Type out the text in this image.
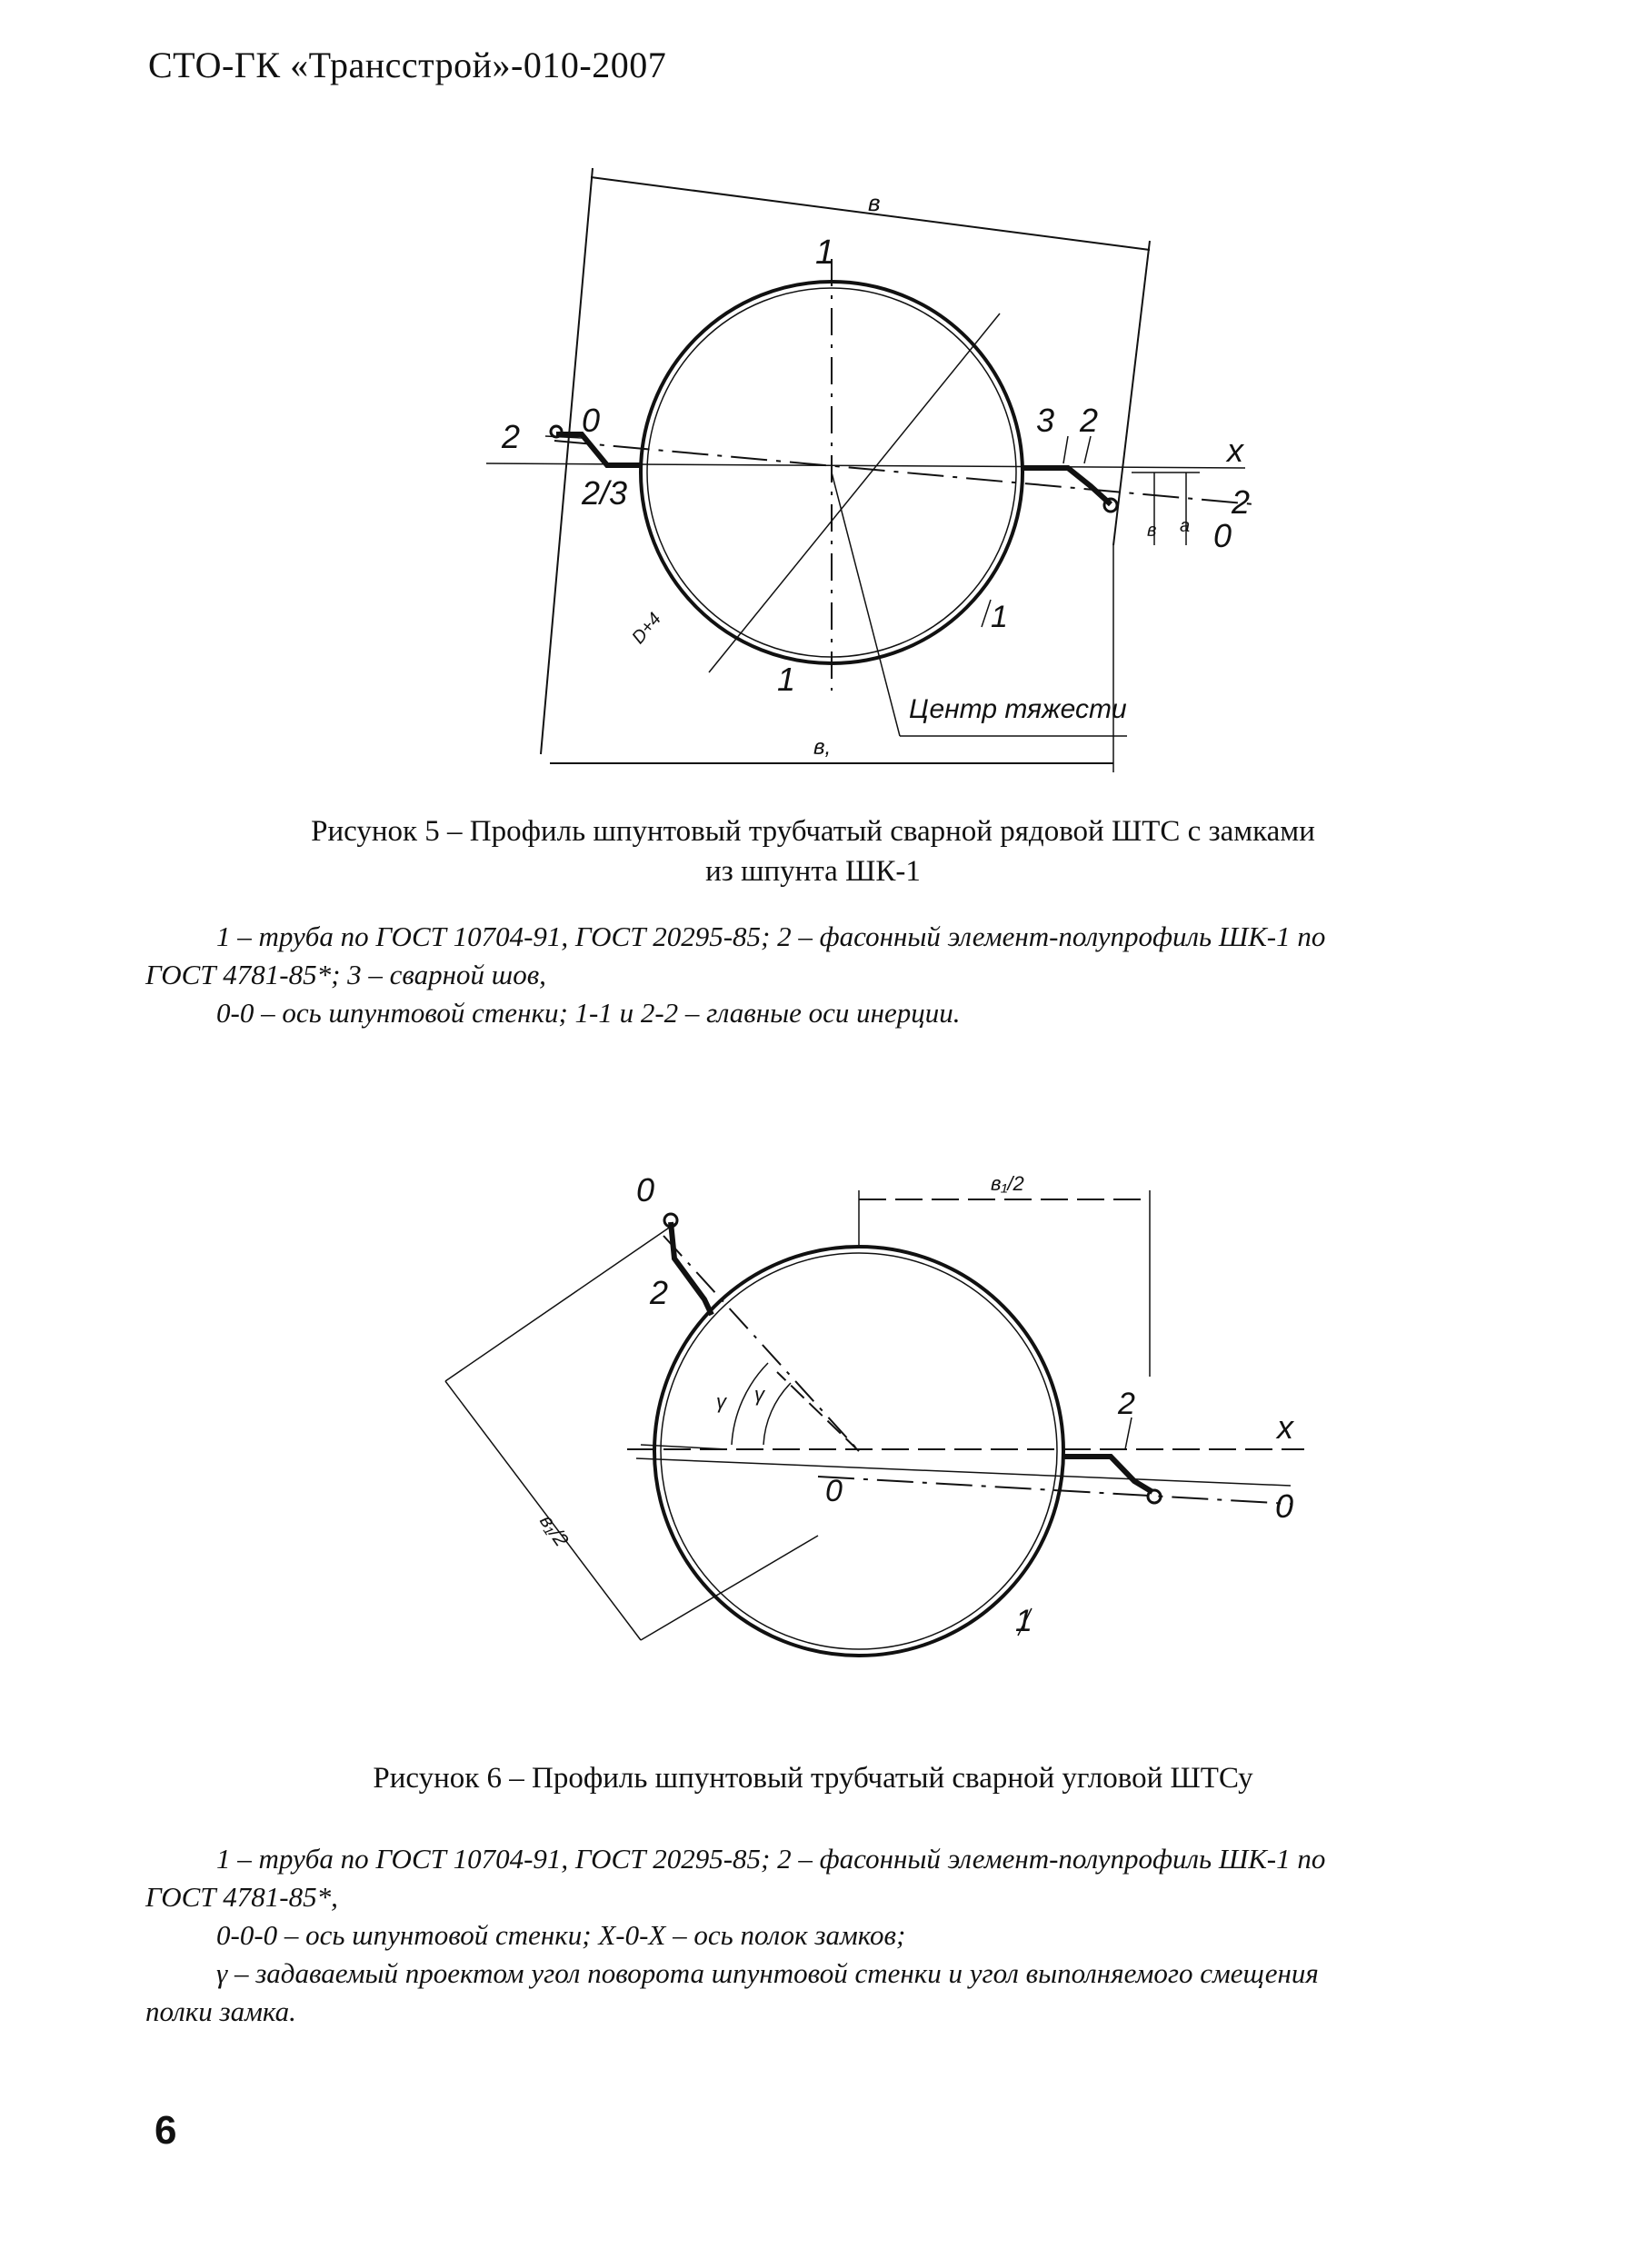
СТО-ГК «Трансстрой»-010-2007
в
1
1
2 0
2/3
3 2
x
2
0
в а
D+4	1
Центр тяжести
в,
Рисунок 5 – Профиль шпунтовый трубчатый сварной рядовой ШТС с замками
из шпунта ШК-1

1 – труба по ГОСТ 10704-91, ГОСТ 20295-85; 2 – фасонный элемент-полупрофиль ШК-1 по

ГОСТ 4781-85*; 3 – сварной шов,

0-0 – ось шпунтовой стенки; 1-1 и 2-2 – главные оси инерции.

0
2
в₁/2
в₁/2
γ γ
0
2
x
0
1
Рисунок 6 – Профиль шпунтовый трубчатый сварной угловой ШТСу

1 – труба по ГОСТ 10704-91, ГОСТ 20295-85; 2 – фасонный элемент-полупрофиль ШК-1 по

ГОСТ 4781-85*,

0-0-0 – ось шпунтовой стенки; Х-0-Х – ось полок замков;

γ – задаваемый проектом угол поворота шпунтовой стенки и угол выполняемого смещения

полки замка.

6
